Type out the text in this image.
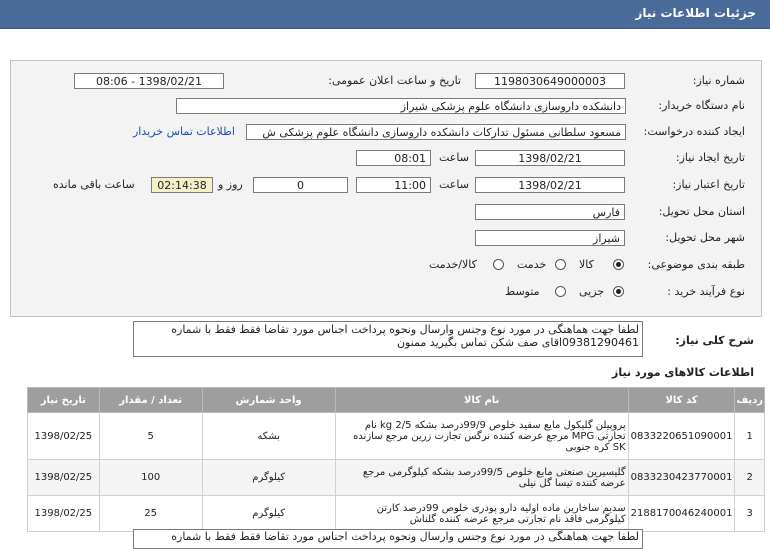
جزئیات اطلاعات نیاز
شماره نیاز:
1198030649000003
تاریخ و ساعت اعلان عمومی:
1398/02/21 - 08:06
نام دستگاه خریدار:
دانشکده داروسازی دانشگاه علوم پزشکی شیراز
ایجاد کننده درخواست:
مسعود سلطانی مسئول تدارکات دانشکده داروسازی دانشگاه علوم پزشکی ش
اطلاعات تماس خریدار
تاریخ ایجاد نیاز:
1398/02/21
ساعت
08:01
تاریخ اعتبار نیاز:
1398/02/21
ساعت
11:00
0
روز و
02:14:38
ساعت باقی مانده
استان محل تحویل:
فارس
شهر محل تحویل:
شیراز
طبقه بندی موضوعی:
کالا
خدمت
کالا/خدمت
نوع فرآیند خرید :
جزیی
متوسط
شرح کلی نیاز:
لطفا جهت هماهنگی در مورد نوع وجنس وارسال ونحوه پرداخت اجناس مورد تقاضا فقط فقط با شماره 09381290461اقای صف شکن تماس بگیرید ممنون
اطلاعات کالاهای مورد نیاز
ردیف	کد کالا	نام کالا	واحد شمارش	تعداد / مقدار	تاریخ نیاز
1	0833220651090001	پروپیلن گلیکول مایع سفید خلوص 99/9درصد بشکه 2/5 kg نام تجارتی MPG مرجع عرضه کننده نرگس تجارت زرین مرجع سازنده SK کره جنوبی	بشکه	5	1398/02/25
2	0833230423770001	گلیسیرین صنعتی مایع خلوص 99/5درصد بشکه کیلوگرمی مرجع عرضه کننده تیسا گل نیلی	کیلوگرم	100	1398/02/25
3	2188170046240001	سدیم ساخارین ماده اولیه دارو پودری خلوص 99درصد کارتن کیلوگرمی فاقد نام تجارتی مرجع عرضه کننده گلناش	کیلوگرم	25	1398/02/25
لطفا جهت هماهنگی در مورد نوع وجنس وارسال ونحوه پرداخت اجناس مورد تقاضا فقط فقط با شماره
